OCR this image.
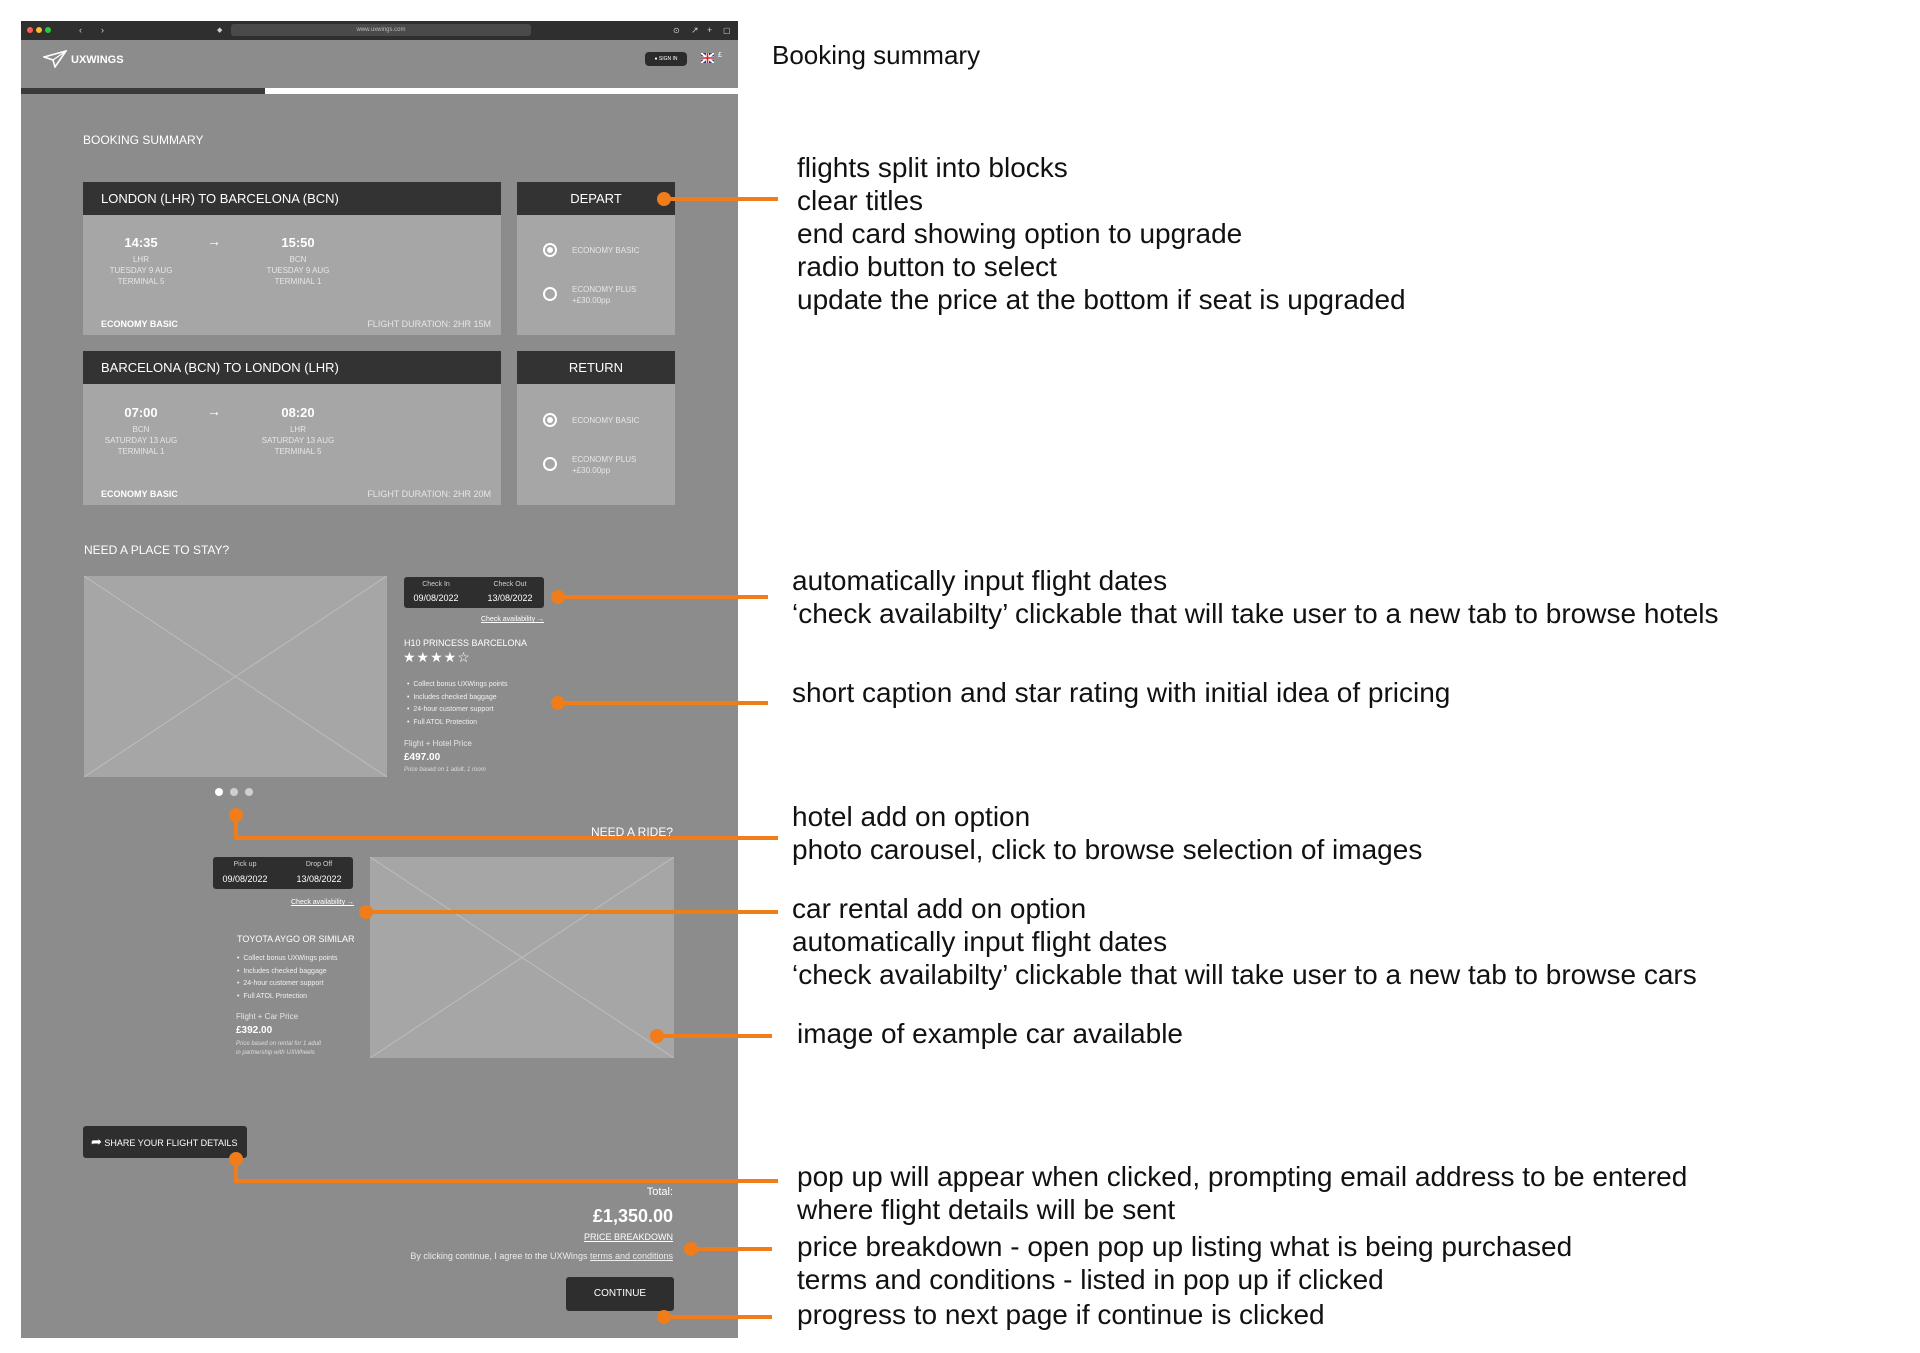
‹ ›	◆	www.uxwings.com	⊙ ↗ + ▢
UXWINGS	● SIGN IN	£
BOOKING SUMMARY
LONDON (LHR) TO BARCELONA (BCN)
14:35
LHR
TUESDAY 9 AUG
TERMINAL 5
→	15:50
BCN
TUESDAY 9 AUG
TERMINAL 1
ECONOMY BASIC	FLIGHT DURATION: 2HR 15M
DEPART
ECONOMY BASIC
ECONOMY PLUS
+£30.00pp
BARCELONA (BCN) TO LONDON (LHR)
07:00
BCN
SATURDAY 13 AUG
TERMINAL 1
→	08:20
LHR
SATURDAY 13 AUG
TERMINAL 5
ECONOMY BASIC	FLIGHT DURATION: 2HR 20M
RETURN
ECONOMY BASIC
ECONOMY PLUS
+£30.00pp
NEED A PLACE TO STAY?
Check In
09/08/2022
Check Out
13/08/2022
Check availability →
H10 PRINCESS BARCELONA
★★★★☆
•  Collect bonus UXWings points
•  Includes checked baggage
•  24-hour customer support
•  Full ATOL Protection
Flight + Hotel Price
£497.00
Price based on 1 adult, 1 room
NEED A RIDE?
Pick up
09/08/2022
Drop Off
13/08/2022
Check availability →
TOYOTA AYGO OR SIMILAR
•  Collect bonus UXWings points
•  Includes checked baggage
•  24-hour customer support
•  Full ATOL Protection
Flight + Car Price
£392.00
Price based on rental for 1 adult
in partnership with UXWheels
➦ SHARE YOUR FLIGHT DETAILS
Total:
£1,350.00
PRICE BREAKDOWN
By clicking continue, I agree to the UXWings terms and conditions
CONTINUE
Booking summary
flights split into blocks
clear titles
end card showing option to upgrade
radio button to select
update the price at the bottom if seat is upgraded
automatically input flight dates
‘check availabilty’ clickable that will take user to a new tab to browse hotels
short caption and star rating with initial idea of pricing
hotel add on option
photo carousel, click to browse selection of images
car rental add on option
automatically input flight dates
‘check availabilty’ clickable that will take user to a new tab to browse cars
image of example car available
pop up will appear when clicked, prompting email address to be entered
where flight details will be sent
price breakdown - open pop up listing what is being purchased
terms and conditions - listed in pop up if clicked
progress to next page if continue is clicked
